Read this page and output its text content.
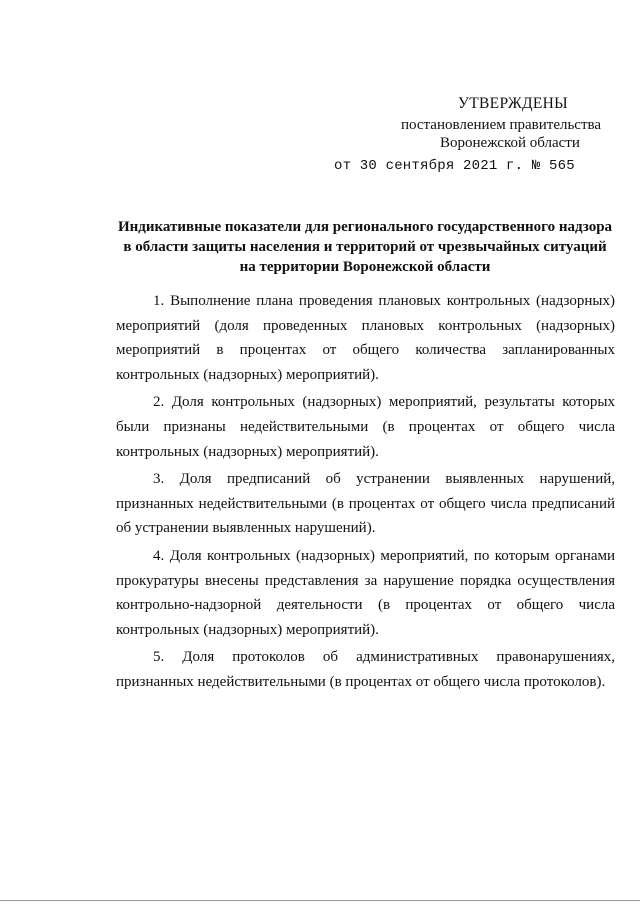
УТВЕРЖДЕНЫ
постановлением правительства
Воронежской области
от 30 сентября 2021 г. № 565
Индикативные показатели для регионального государственного надзора
в области защиты населения и территорий от чрезвычайных ситуаций
на территории Воронежской области

1. Выполнение плана проведения плановых контрольных (надзорных) мероприятий (доля проведенных плановых контрольных (надзорных) мероприятий в процентах от общего количества запланированных контрольных (надзорных) мероприятий).

2. Доля контрольных (надзорных) мероприятий, результаты которых были признаны недействительными (в процентах от общего числа контрольных (надзорных) мероприятий).

3. Доля предписаний об устранении выявленных нарушений, признанных недействительными (в процентах от общего числа предписаний об устранении выявленных нарушений).

4. Доля контрольных (надзорных) мероприятий, по которым органами прокуратуры внесены представления за нарушение порядка осуществления контрольно-надзорной деятельности (в процентах от общего числа контрольных (надзорных) мероприятий).

5. Доля протоколов об административных правонарушениях, признанных недействительными (в процентах от общего числа протоколов).
